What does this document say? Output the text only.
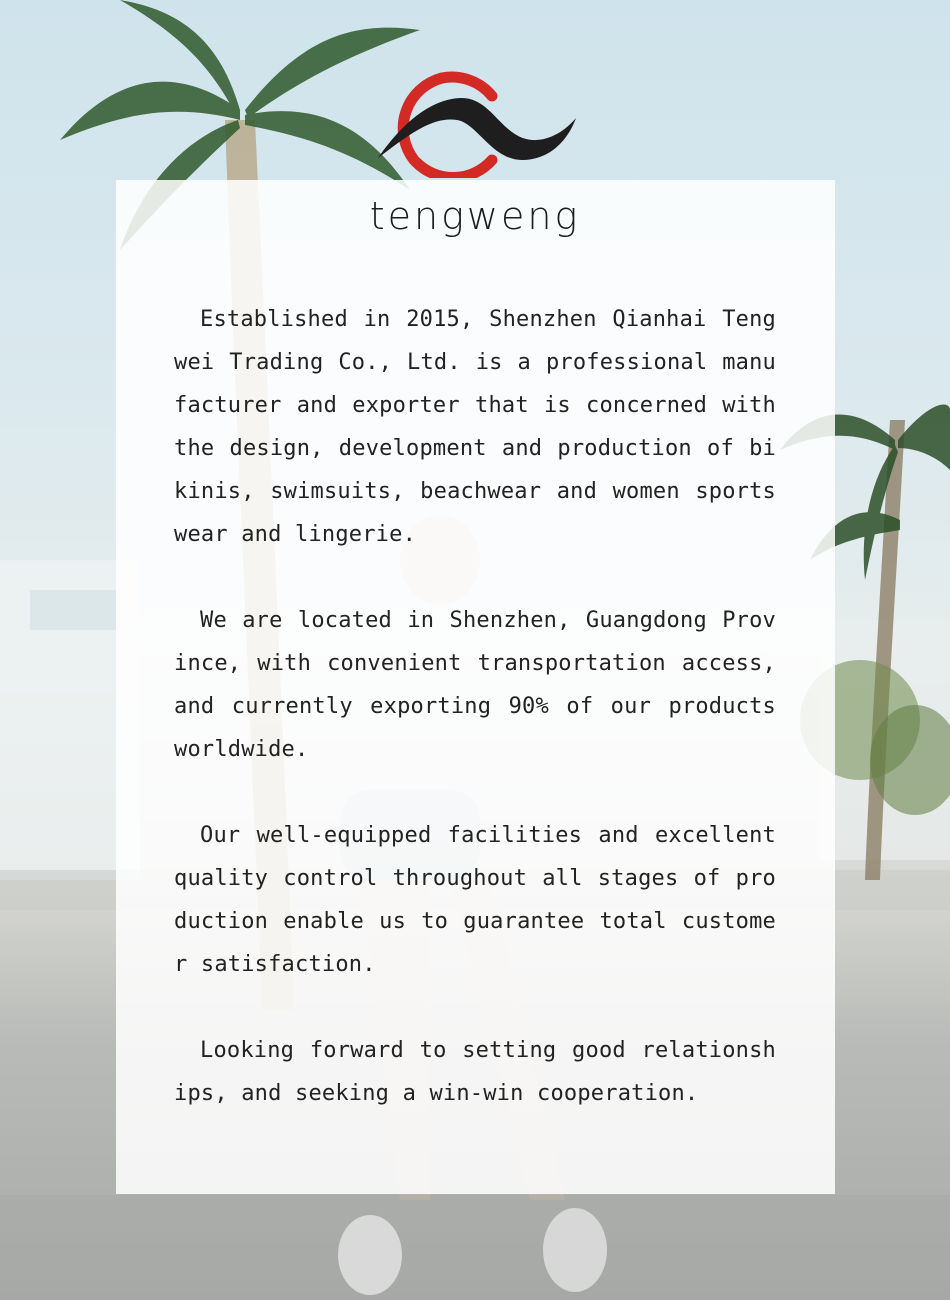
tengweng
Established in 2015, Shenzhen Qianhai Tengwei Trading Co., Ltd. is a professional manufacturer and exporter that is concerned with the design, development and production of bikinis, swimsuits, beachwear and women sportswear and lingerie.
We are located in Shenzhen, Guangdong Province, with convenient transportation access, and currently exporting 90% of our products worldwide.
Our well-equipped facilities and excellent quality control throughout all stages of production enable us to guarantee total customer satisfaction.
Looking forward to setting good relationships, and seeking a win-win cooperation.
